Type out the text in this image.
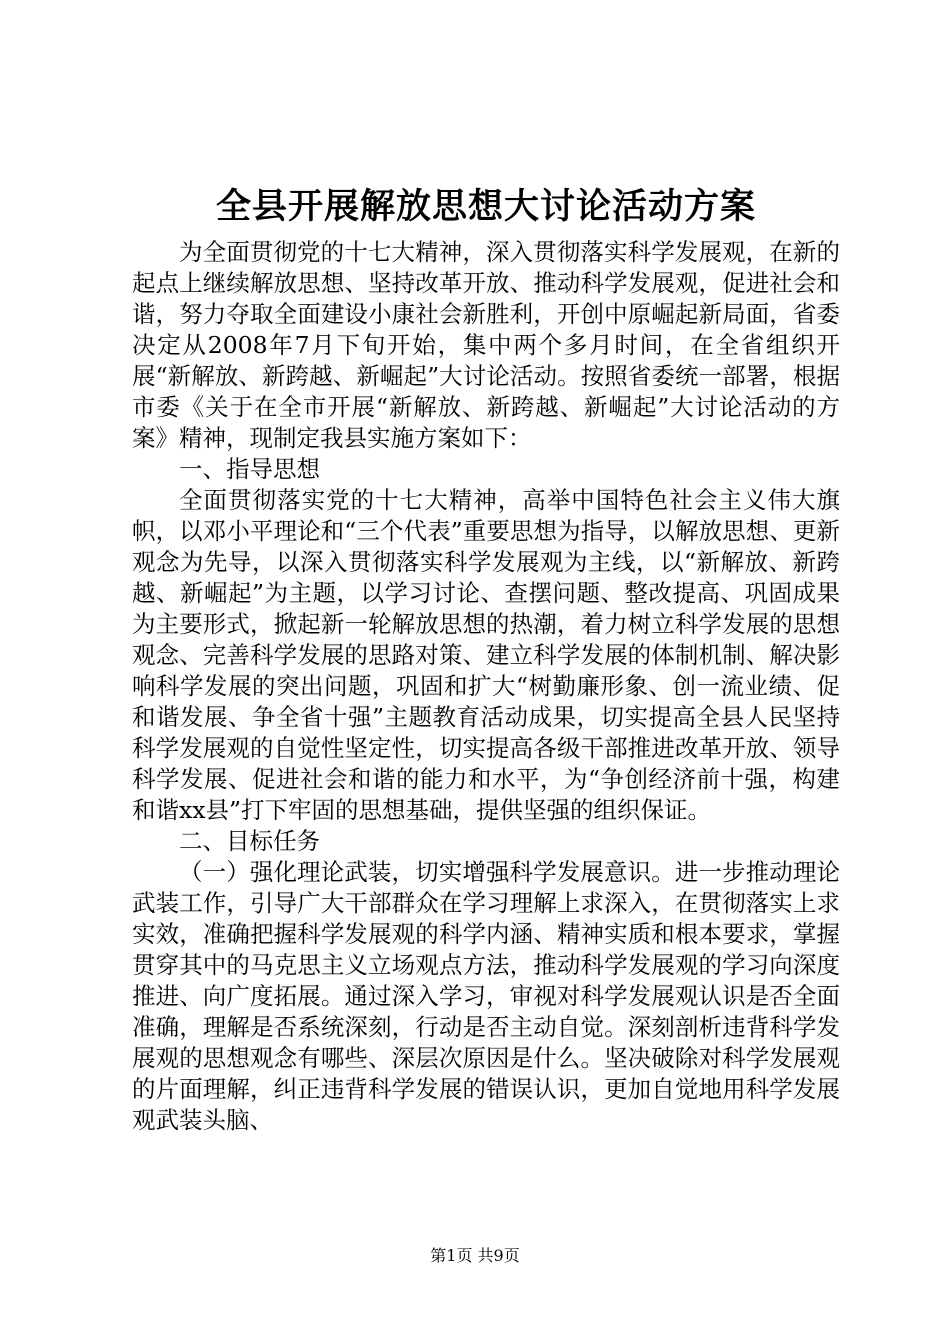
全县开展解放思想大讨论活动方案

为全面贯彻党的十七大精神，深入贯彻落实科学发展观，在新的起点上继续解放思想、坚持改革开放、推动科学发展观，促进社会和谐，努力夺取全面建设小康社会新胜利，开创中原崛起新局面，省委决定从2008年7月下旬开始，集中两个多月时间，在全省组织开展“新解放、新跨越、新崛起”大讨论活动。按照省委统一部署，根据市委《关于在全市开展“新解放、新跨越、新崛起”大讨论活动的方案》精神，现制定我县实施方案如下：

一、指导思想

全面贯彻落实党的十七大精神，高举中国特色社会主义伟大旗帜，以邓小平理论和“三个代表”重要思想为指导，以解放思想、更新观念为先导，以深入贯彻落实科学发展观为主线，以“新解放、新跨越、新崛起”为主题，以学习讨论、查摆问题、整改提高、巩固成果为主要形式，掀起新一轮解放思想的热潮，着力树立科学发展的思想观念、完善科学发展的思路对策、建立科学发展的体制机制、解决影响科学发展的突出问题，巩固和扩大“树勤廉形象、创一流业绩、促和谐发展、争全省十强”主题教育活动成果，切实提高全县人民坚持科学发展观的自觉性坚定性，切实提高各级干部推进改革开放、领导科学发展、促进社会和谐的能力和水平，为“争创经济前十强，构建和谐xx县”打下牢固的思想基础，提供坚强的组织保证。

二、目标任务

（一）强化理论武装，切实增强科学发展意识。进一步推动理论武装工作，引导广大干部群众在学习理解上求深入，在贯彻落实上求实效，准确把握科学发展观的科学内涵、精神实质和根本要求，掌握贯穿其中的马克思主义立场观点方法，推动科学发展观的学习向深度推进、向广度拓展。通过深入学习，审视对科学发展观认识是否全面准确，理解是否系统深刻，行动是否主动自觉。深刻剖析违背科学发展观的思想观念有哪些、深层次原因是什么。坚决破除对科学发展观的片面理解，纠正违背科学发展的错误认识，更加自觉地用科学发展观武装头脑、

第1页 共9页
